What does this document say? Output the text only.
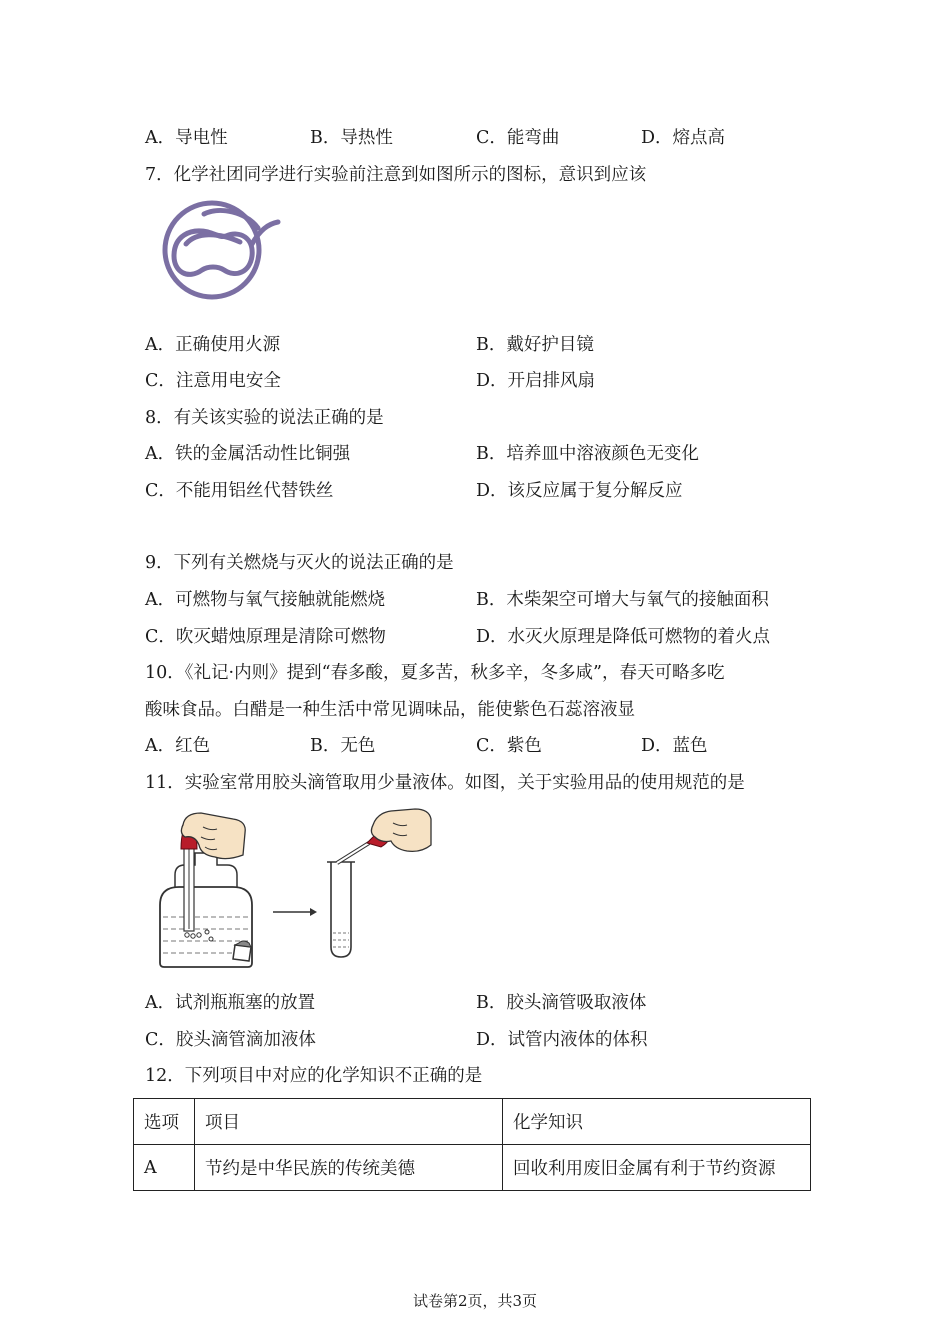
A．导电性	B．导热性	C．能弯曲	D．熔点高
7．化学社团同学进行实验前注意到如图所示的图标，意识到应该
A．正确使用火源	B．戴好护目镜
C．注意用电安全	D．开启排风扇
8．有关该实验的说法正确的是
A．铁的金属活动性比铜强	B．培养皿中溶液颜色无变化
C．不能用铝丝代替铁丝	D．该反应属于复分解反应
9．下列有关燃烧与灭火的说法正确的是
A．可燃物与氧气接触就能燃烧	B．木柴架空可增大与氧气的接触面积
C．吹灭蜡烛原理是清除可燃物	D．水灭火原理是降低可燃物的着火点
10．《礼记·内则》提到“春多酸，夏多苦，秋多辛，冬多咸”，春天可略多吃
酸味食品。白醋是一种生活中常见调味品，能使紫色石蕊溶液显
A．红色	B．无色	C．紫色	D．蓝色
11．实验室常用胶头滴管取用少量液体。如图，关于实验用品的使用规范的是
A．试剂瓶瓶塞的放置	B．胶头滴管吸取液体
C．胶头滴管滴加液体	D．试管内液体的体积
12．下列项目中对应的化学知识不正确的是
选项	项目	化学知识
A	节约是中华民族的传统美德	回收利用废旧金属有利于节约资源
试卷第2页，共3页
